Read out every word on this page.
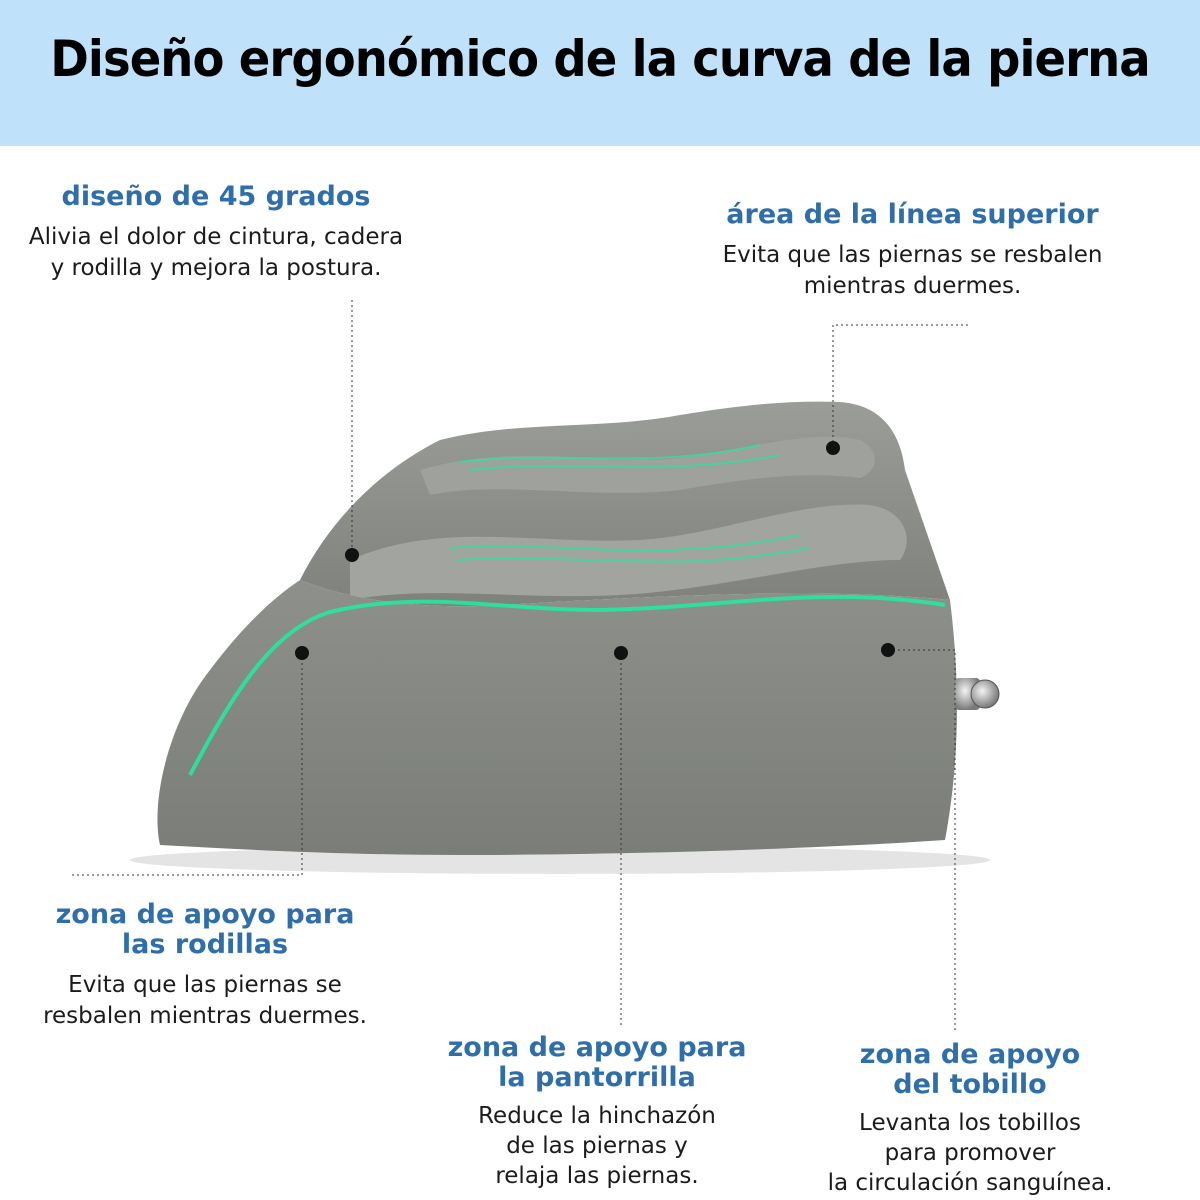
Diseño ergonómico de la curva de la pierna
diseño de 45 grados
Alivia el dolor de cintura, cadera
y rodilla y mejora la postura.
área de la línea superior
Evita que las piernas se resbalen
mientras duermes.
zona de apoyo para
las rodillas
Evita que las piernas se
resbalen mientras duermes.
zona de apoyo para
la pantorrilla
Reduce la hinchazón
de las piernas y
relaja las piernas.
zona de apoyo
del tobillo
Levanta los tobillos
para promover
la circulación sanguínea.
